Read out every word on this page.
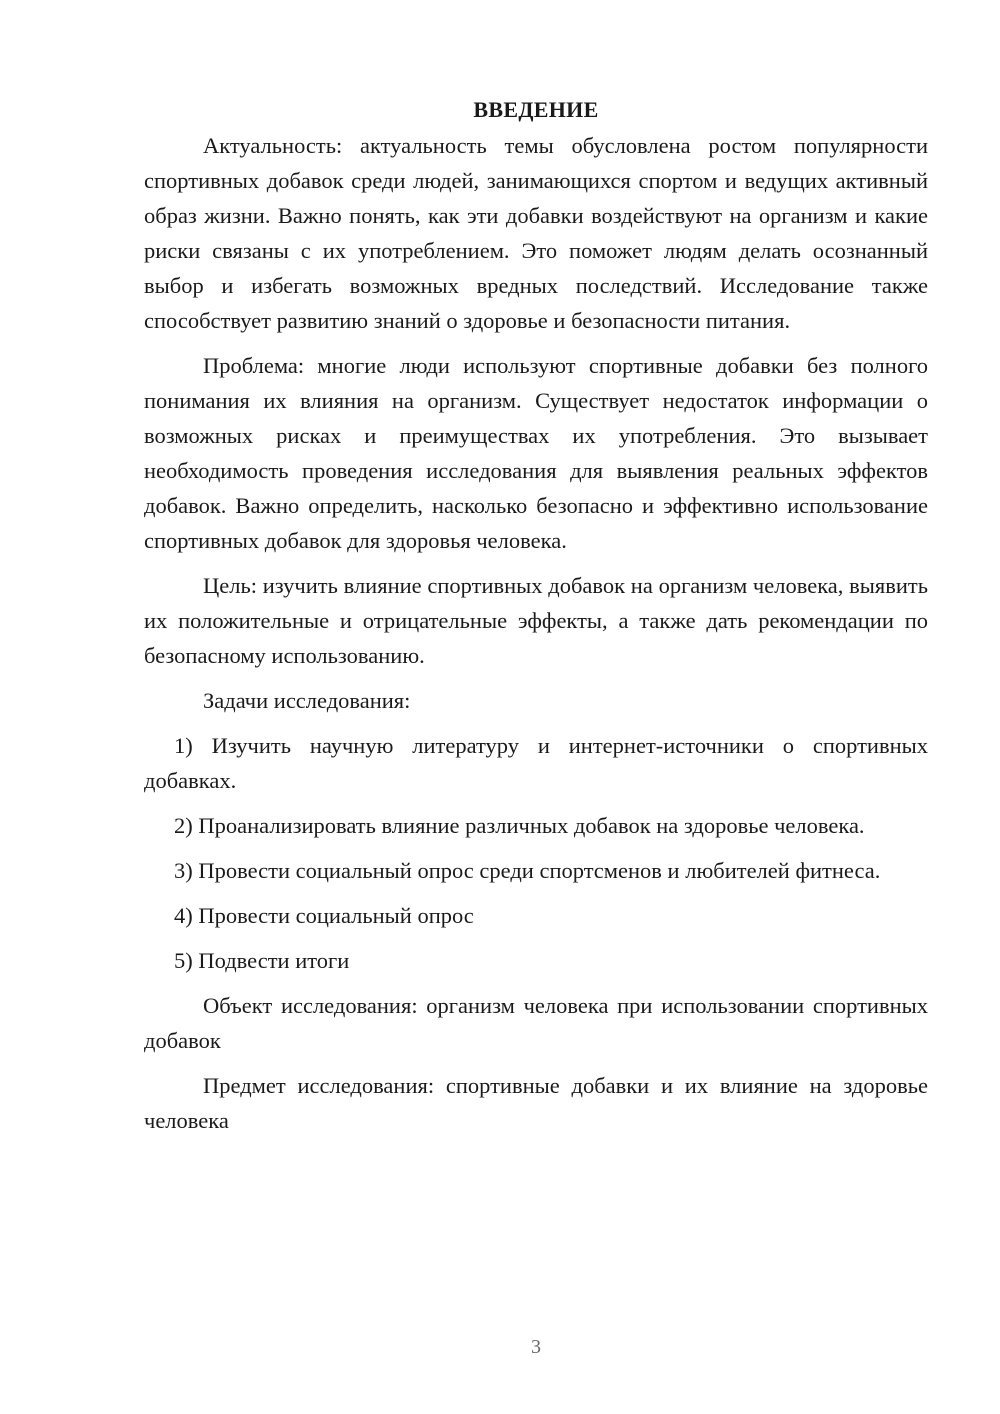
ВВЕДЕНИЕ

Актуальность: актуальность темы обусловлена ростом популярности спортивных добавок среди людей, занимающихся спортом и ведущих активный образ жизни. Важно понять, как эти добавки воздействуют на организм и какие риски связаны с их употреблением. Это поможет людям делать осознанный выбор и избегать возможных вредных последствий. Исследование также способствует развитию знаний о здоровье и безопасности питания.

Проблема: многие люди используют спортивные добавки без полного понимания их влияния на организм. Существует недостаток информации о возможных рисках и преимуществах их употребления. Это вызывает необходимость проведения исследования для выявления реальных эффектов добавок. Важно определить, насколько безопасно и эффективно использование спортивных добавок для здоровья человека.

Цель: изучить влияние спортивных добавок на организм человека, выявить их положительные и отрицательные эффекты, а также дать рекомендации по безопасному использованию.

Задачи исследования:

1) Изучить научную литературу и интернет-источники о спортивных добавках.

2) Проанализировать влияние различных добавок на здоровье человека.

3) Провести социальный опрос среди спортсменов и любителей фитнеса.

4) Провести социальный опрос

5) Подвести итоги

Объект исследования: организм человека при использовании спортивных добавок

Предмет исследования: спортивные добавки и их влияние на здоровье человека

3
